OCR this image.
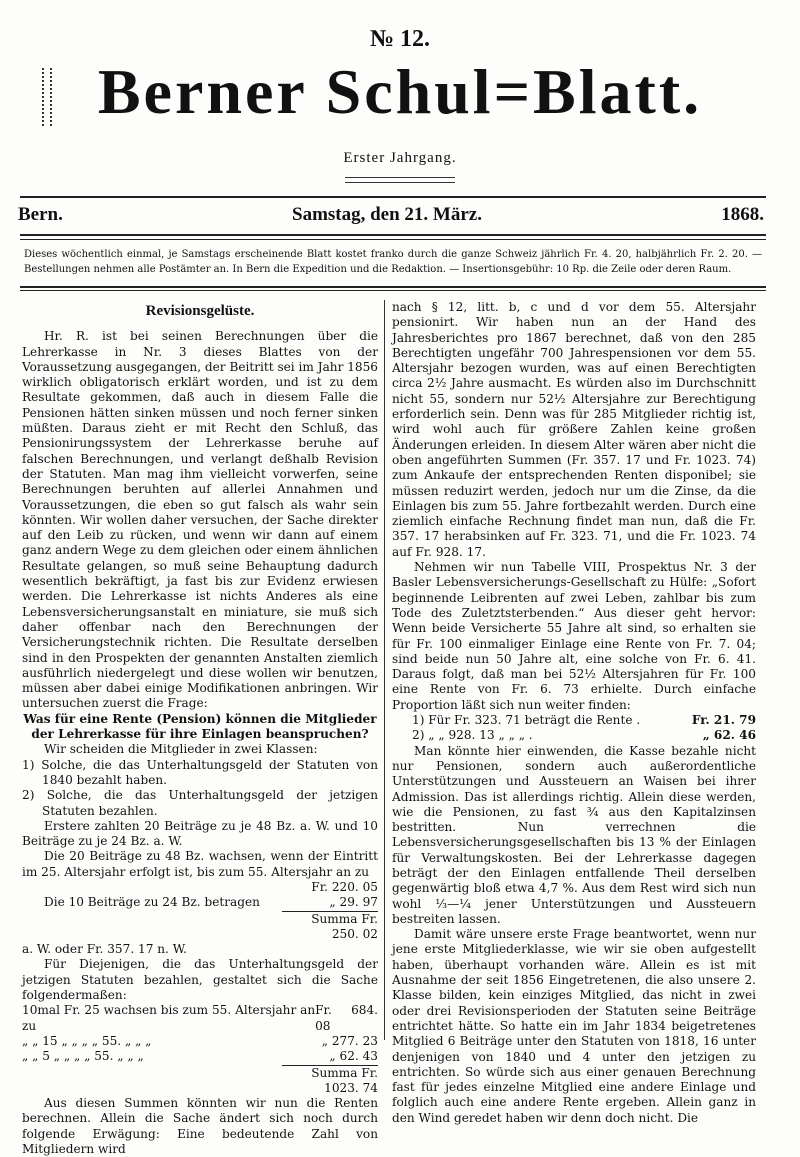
№ 12.
Berner Schul=Blatt.
Erster Jahrgang.
Bern.	Samstag, den 21. März.	1868.
Dieses wöchentlich einmal, je Samstags erscheinende Blatt kostet franko durch die ganze Schweiz jährlich Fr. 4. 20, halbjährlich Fr. 2. 20. — Bestellungen nehmen alle Postämter an. In Bern die Expedition und die Redaktion. — Insertionsgebühr: 10 Rp. die Zeile oder deren Raum.
Revisionsgelüste.

Hr. R. ist bei seinen Berechnungen über die Lehrerkasse in Nr. 3 dieses Blattes von der Voraussetzung ausgegangen, der Beitritt sei im Jahr 1856 wirklich obligatorisch erklärt worden, und ist zu dem Resultate gekommen, daß auch in diesem Falle die Pensionen hätten sinken müssen und noch ferner sinken müßten. Daraus zieht er mit Recht den Schluß, das Pensionirungssystem der Lehrerkasse beruhe auf falschen Berechnungen, und verlangt deßhalb Revision der Statuten. Man mag ihm vielleicht vorwerfen, seine Berechnungen beruhten auf allerlei Annahmen und Voraussetzungen, die eben so gut falsch als wahr sein könnten. Wir wollen daher versuchen, der Sache direkter auf den Leib zu rücken, und wenn wir dann auf einem ganz andern Wege zu dem gleichen oder einem ähnlichen Resultate gelangen, so muß seine Behauptung dadurch wesentlich bekräftigt, ja fast bis zur Evidenz erwiesen werden. Die Lehrerkasse ist nichts Anderes als eine Lebensversicherungsanstalt en miniature, sie muß sich daher offenbar nach den Berechnungen der Versicherungstechnik richten. Die Resultate derselben sind in den Prospekten der genannten Anstalten ziemlich ausführlich niedergelegt und diese wollen wir benutzen, müssen aber dabei einige Modifikationen anbringen. Wir untersuchen zuerst die Frage:

Was für eine Rente (Pension) können die Mitglieder der Lehrerkasse für ihre Einlagen beanspruchen?

Wir scheiden die Mitglieder in zwei Klassen:

1) Solche, die das Unterhaltungsgeld der Statuten von 1840 bezahlt haben.

2) Solche, die das Unterhaltungsgeld der jetzigen Statuten bezahlen.

Erstere zahlten 20 Beiträge zu je 48 Bz. a. W. und 10 Beiträge zu je 24 Bz. a. W.

Die 20 Beiträge zu 48 Bz. wachsen, wenn der Eintritt im 25. Altersjahr erfolgt ist, bis zum 55. Altersjahr an zu

Fr. 220. 05
Die 10 Beiträge zu 24 Bz. betragen	„ 29. 97
Summa Fr. 250. 02

a. W. oder Fr. 357. 17 n. W.

Für Diejenigen, die das Unterhaltungsgeld der jetzigen Statuten bezahlen, gestaltet sich die Sache folgendermaßen:

10mal Fr. 25 wachsen bis zum 55. Altersjahr an zu
Fr. 684. 08
„ „ 15 „ „ „ „ 55. „ „ „	„ 277. 23
„ „ 5 „ „ „ „ 55. „ „ „	„ 62. 43
Summa Fr. 1023. 74

Aus diesen Summen könnten wir nun die Renten berechnen. Allein die Sache ändert sich noch durch folgende Erwägung: Eine bedeutende Zahl von Mitgliedern wird

nach § 12, litt. b, c und d vor dem 55. Altersjahr pensionirt. Wir haben nun an der Hand des Jahresberichtes pro 1867 berechnet, daß von den 285 Berechtigten ungefähr 700 Jahrespensionen vor dem 55. Altersjahr bezogen wurden, was auf einen Berechtigten circa 2½ Jahre ausmacht. Es würden also im Durchschnitt nicht 55, sondern nur 52½ Altersjahre zur Berechtigung erforderlich sein. Denn was für 285 Mitglieder richtig ist, wird wohl auch für größere Zahlen keine großen Änderungen erleiden. In diesem Alter wären aber nicht die oben angeführten Summen (Fr. 357. 17 und Fr. 1023. 74) zum Ankaufe der entsprechenden Renten disponibel; sie müssen reduzirt werden, jedoch nur um die Zinse, da die Einlagen bis zum 55. Jahre fortbezahlt werden. Durch eine ziemlich einfache Rechnung findet man nun, daß die Fr. 357. 17 herabsinken auf Fr. 323. 71, und die Fr. 1023. 74 auf Fr. 928. 17.

Nehmen wir nun Tabelle VIII, Prospektus Nr. 3 der Basler Lebensversicherungs-Gesellschaft zu Hülfe: „Sofort beginnende Leibrenten auf zwei Leben, zahlbar bis zum Tode des Zuletztsterbenden.“ Aus dieser geht hervor: Wenn beide Versicherte 55 Jahre alt sind, so erhalten sie für Fr. 100 einmaliger Einlage eine Rente von Fr. 7. 04; sind beide nun 50 Jahre alt, eine solche von Fr. 6. 41. Daraus folgt, daß man bei 52½ Altersjahren für Fr. 100 eine Rente von Fr. 6. 73 erhielte. Durch einfache Proportion läßt sich nun weiter finden:

1) Für Fr. 323. 71 beträgt die Rente .	Fr. 21. 79
2) „ „ 928. 13 „ „ „ .	„ 62. 46

Man könnte hier einwenden, die Kasse bezahle nicht nur Pensionen, sondern auch außerordentliche Unterstützungen und Aussteuern an Waisen bei ihrer Admission. Das ist allerdings richtig. Allein diese werden, wie die Pensionen, zu fast ¾ aus den Kapitalzinsen bestritten. Nun verrechnen die Lebensversicherungsgesellschaften bis 13 % der Einlagen für Verwaltungskosten. Bei der Lehrerkasse dagegen beträgt der den Einlagen entfallende Theil derselben gegenwärtig bloß etwa 4,7 %. Aus dem Rest wird sich nun wohl ⅓—¼ jener Unterstützungen und Aussteuern bestreiten lassen.

Damit wäre unsere erste Frage beantwortet, wenn nur jene erste Mitgliederklasse, wie wir sie oben aufgestellt haben, überhaupt vorhanden wäre. Allein es ist mit Ausnahme der seit 1856 Eingetretenen, die also unsere 2. Klasse bilden, kein einziges Mitglied, das nicht in zwei oder drei Revisionsperioden der Statuten seine Beiträge entrichtet hätte. So hatte ein im Jahr 1834 beigetretenes Mitglied 6 Beiträge unter den Statuten von 1818, 16 unter denjenigen von 1840 und 4 unter den jetzigen zu entrichten. So würde sich aus einer genauen Berechnung fast für jedes einzelne Mitglied eine andere Einlage und folglich auch eine andere Rente ergeben. Allein ganz in den Wind geredet haben wir denn doch nicht. Die
